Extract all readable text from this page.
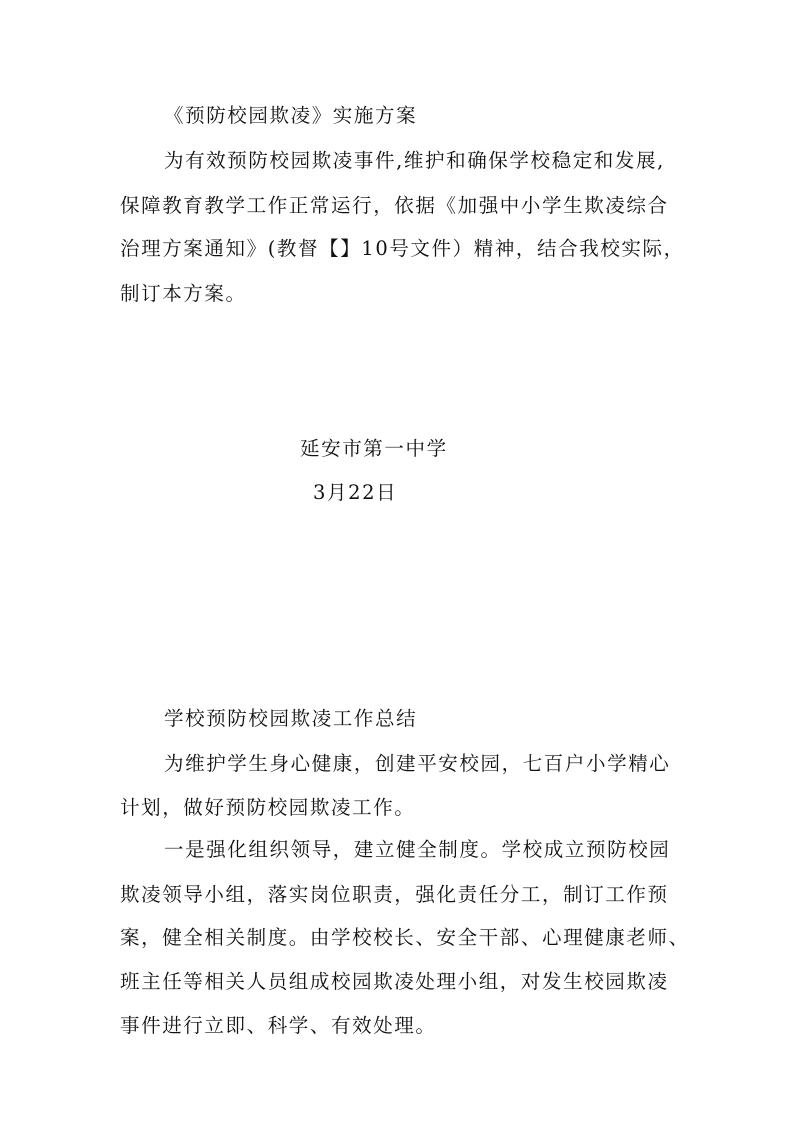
《预防校园欺凌》实施方案
为有效预防校园欺凌事件,维护和确保学校稳定和发展,
保障教育教学工作正常运行，依据《加强中小学生欺凌综合
治理方案通知》(教督【】10号文件）精神，结合我校实际，
制订本方案。
延安市第一中学
3月22日
学校预防校园欺凌工作总结
为维护学生身心健康，创建平安校园，七百户小学精心
计划，做好预防校园欺凌工作。
一是强化组织领导，建立健全制度。学校成立预防校园
欺凌领导小组，落实岗位职责，强化责任分工，制订工作预
案，健全相关制度。由学校校长、安全干部、心理健康老师、
班主任等相关人员组成校园欺凌处理小组，对发生校园欺凌
事件进行立即、科学、有效处理。
